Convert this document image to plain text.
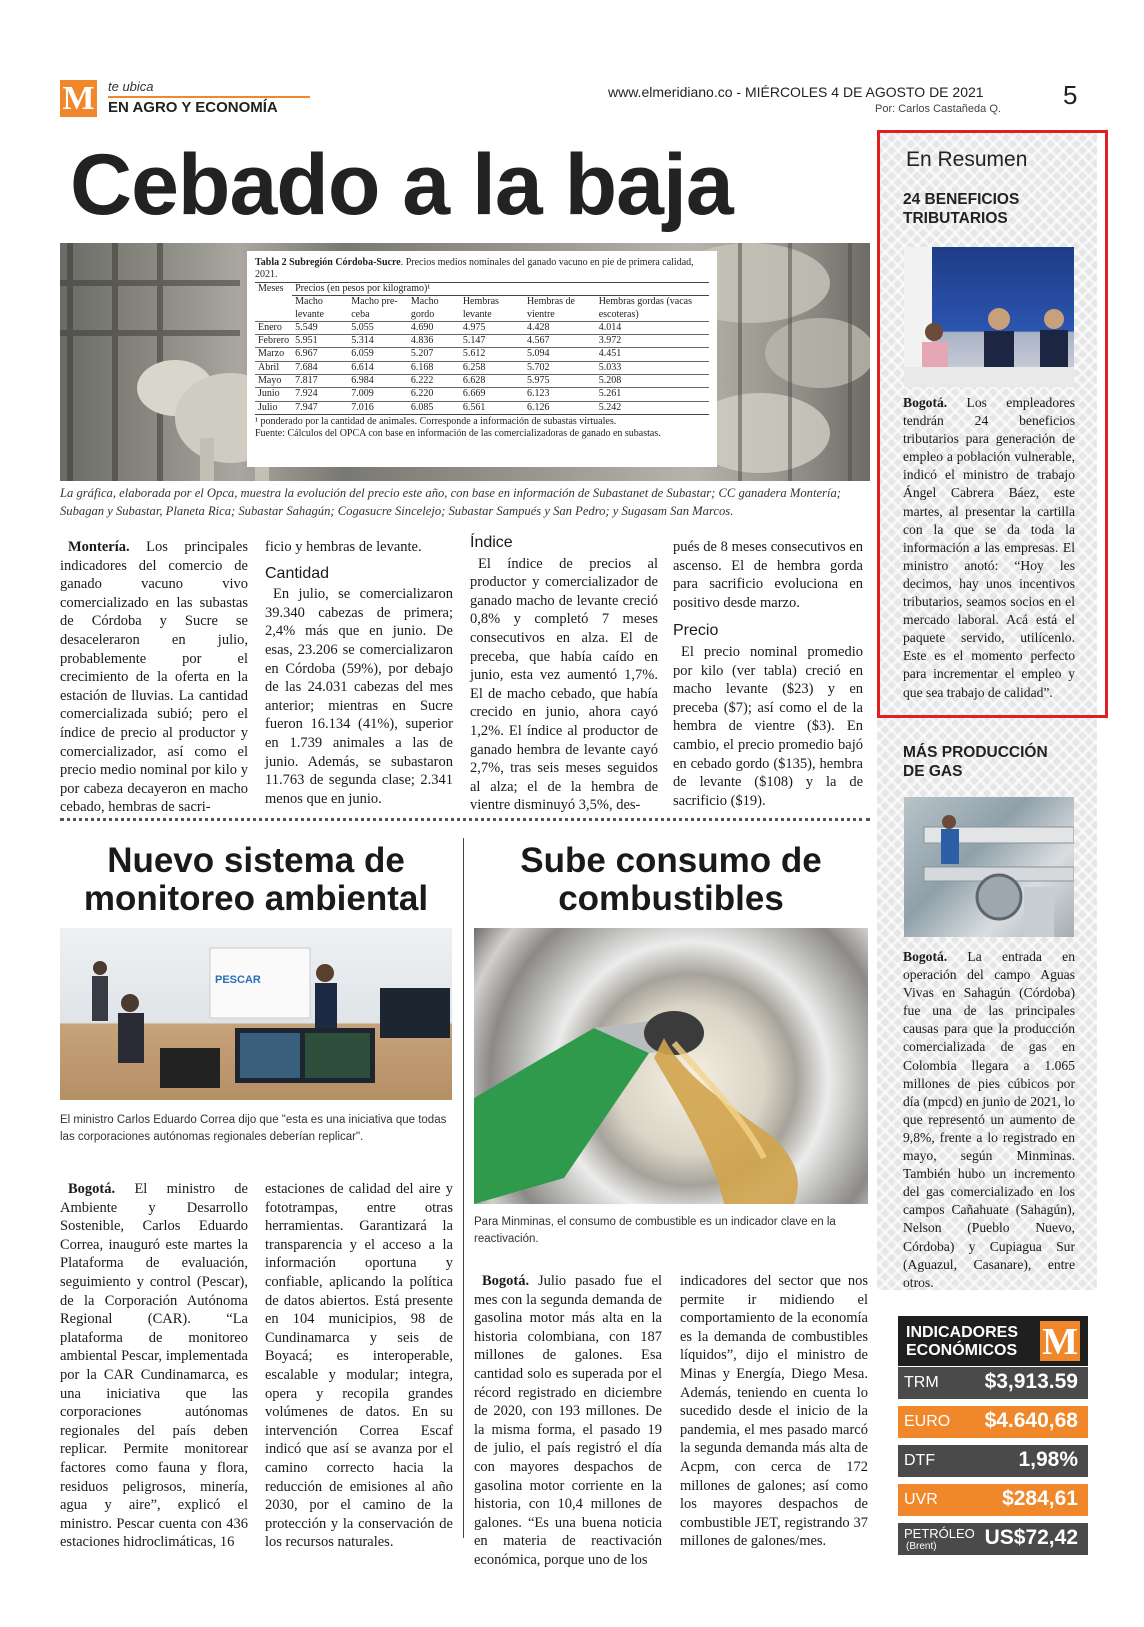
M te ubica
EN AGRO Y ECONOMÍA
www.elmeridiano.co - MIÉRCOLES 4 DE AGOSTO DE 2021
Por: Carlos Castañeda Q. 5
Cebado a la baja
Tabla 2 Subregión Córdoba-Sucre. Precios medios nominales del ganado vacuno en pie de primera calidad, 2021.
Meses	Precios (en pesos por kilogramo)¹					
	Macho levante	Macho pre-ceba	Macho gordo	Hembras levante	Hembras de vientre	Hembras gordas (vacas escoteras)
Enero	5.549	5.055	4.690	4.975	4.428	4.014
Febrero	5.951	5.314	4.836	5.147	4.567	3.972
Marzo	6.967	6.059	5.207	5.612	5.094	4.451
Abril	7.684	6.614	6.168	6.258	5.702	5.033
Mayo	7.817	6.984	6.222	6.628	5.975	5.208
Junio	7.924	7.009	6.220	6.669	6.123	5.261
Julio	7.947	7.016	6.085	6.561	6.126	5.242
¹ ponderado por la cantidad de animales. Corresponde a información de subastas virtuales.
Fuente: Cálculos del OPCA con base en información de las comercializadoras de ganado en subastas.
La gráfica, elaborada por el Opca, muestra la evolución del precio este año, con base en información de Subastanet de Subastar; CC ganadera Montería; Subagan y Subastar, Planeta Rica; Subastar Sahagún; Cogasucre Sincelejo; Subastar Sampués y San Pedro; y Sugasam San Marcos.
Montería. Los principales indicadores del comercio de ganado vacuno vivo comercializado en las subastas de Córdoba y Sucre se desaceleraron en julio, probablemente por el crecimiento de la oferta en la estación de lluvias. La cantidad comercializada subió; pero el índice de precio al productor y comercializador, así como el precio medio nominal por kilo y por cabeza decayeron en macho cebado, hembras de sacri-
ficio y hembras de levante.
Cantidad

En julio, se comercializaron 39.340 cabezas de primera; 2,4% más que en junio. De esas, 23.206 se comercializaron en Córdoba (59%), por debajo de las 24.031 cabezas del mes anterior; mientras en Sucre fueron 16.134 (41%), superior en 1.739 animales a las de junio. Además, se subastaron 11.763 de segunda clase; 2.341 menos que en junio.

Índice

El índice de precios al productor y comercializador de ganado macho de levante creció 0,8% y completó 7 meses consecutivos en alza. El de preceba, que había caído en junio, esta vez aumentó 1,7%. El de macho cebado, que había crecido en junio, ahora cayó 1,2%. El índice al productor de ganado hembra de levante cayó 2,7%, tras seis meses seguidos al alza; el de la hembra de vientre disminuyó 3,5%, des-

pués de 8 meses consecutivos en ascenso. El de hembra gorda para sacrificio evolucionа en positivo desde marzo.
Precio

El precio nominal promedio por kilo (ver tabla) creció en macho levante ($23) y en preceba ($7); así como el de la hembra de vientre ($3). En cambio, el precio promedio bajó en cebado gordo ($135), hembra de levante ($108) y la de sacrificio ($19).

Nuevo sistema de monitoreo ambiental
PESCAR
El ministro Carlos Eduardo Correa dijo que "esta es una iniciativa que todas las corporaciones autónomas regionales deberían replicar".
Bogotá. El ministro de Ambiente y Desarrollo Sostenible, Carlos Eduardo Correa, inauguró este martes la Plataforma de evaluación, seguimiento y control (Pescar), de la Corporación Autónoma Regional (CAR). “La plataforma de monitoreo ambiental Pescar, implementada por la CAR Cundinamarca, es una iniciativa que las corporaciones autónomas regionales del país deben replicar. Permite monitorear factores como fauna y flora, residuos peligrosos, minería, agua y aire”, explicó el ministro. Pescar cuenta con 436 estaciones hidroclimáticas, 16
estaciones de calidad del aire y fototrampas, entre otras herramientas. Garantizará la transparencia y el acceso a la información oportuna y confiable, aplicando la política de datos abiertos. Está presente en 104 municipios, 98 de Cundinamarca y seis de Boyacá; es interoperable, escalable y modular; integra, opera y recopila grandes volúmenes de datos. En su intervención Correa Escaf indicó que así se avanza por el camino correcto hacia la reducción de emisiones al año 2030, por el camino de la protección y la conservación de los recursos naturales.
Sube consumo de combustibles
Para Minminas, el consumo de combustible es un indicador clave en la reactivación.
Bogotá. Julio pasado fue el mes con la segunda demanda de gasolina motor más alta en la historia colombiana, con 187 millones de galones. Esa cantidad solo es superada por el récord registrado en diciembre de 2020, con 193 millones. De la misma forma, el pasado 19 de julio, el país registró el día con mayores despachos de gasolina motor corriente en la historia, con 10,4 millones de galones. “Es una buena noticia en materia de reactivación económica, porque uno de los
indicadores del sector que nos permite ir midiendo el comportamiento de la economía es la demanda de combustibles líquidos”, dijo el ministro de Minas y Energía, Diego Mesa. Además, teniendo en cuenta lo sucedido desde el inicio de la pandemia, el mes pasado marcó la segunda demanda más alta de Acpm, con cerca de 172 millones de galones; así como los mayores despachos de combustible JET, registrando 37 millones de galones/mes.
En Resumen
24 BENEFICIOS TRIBUTARIOS
Bogotá. Los empleadores tendrán 24 beneficios tributarios para generación de empleo a población vulnerable, indicó el ministro de trabajo Ángel Cabrera Báez, este martes, al presentar la cartilla con la que se da toda la información a las empresas. El ministro anotó: “Hoy les decimos, hay unos incentivos tributarios, seamos socios en el mercado laboral. Acá está el paquete servido, utilícenlo. Este es el momento perfecto para incrementar el empleo y que sea trabajo de calidad”.
MÁS PRODUCCIÓN DE GAS
Bogotá. La entrada en operación del campo Aguas Vivas en Sahagún (Córdoba) fue una de las principales causas para que la producción comercializada de gas en Colombia llegara a 1.065 millones de pies cúbicos por día (mpcd) en junio de 2021, lo que representó un aumento de 9,8%, frente a lo registrado en mayo, según Minminas. También hubo un incremento del gas comercializado en los campos Cañahuate (Sahagún), Nelson (Pueblo Nuevo, Córdoba) y Cupiagua Sur (Aguazul, Casanare), entre otros.
INDICADORES ECONÓMICOS M
TRM $3,913.59
EURO $4.640,68
DTF	1,98%
UVR	$284,61
PETRÓLEO
(Brent) US$72,42
